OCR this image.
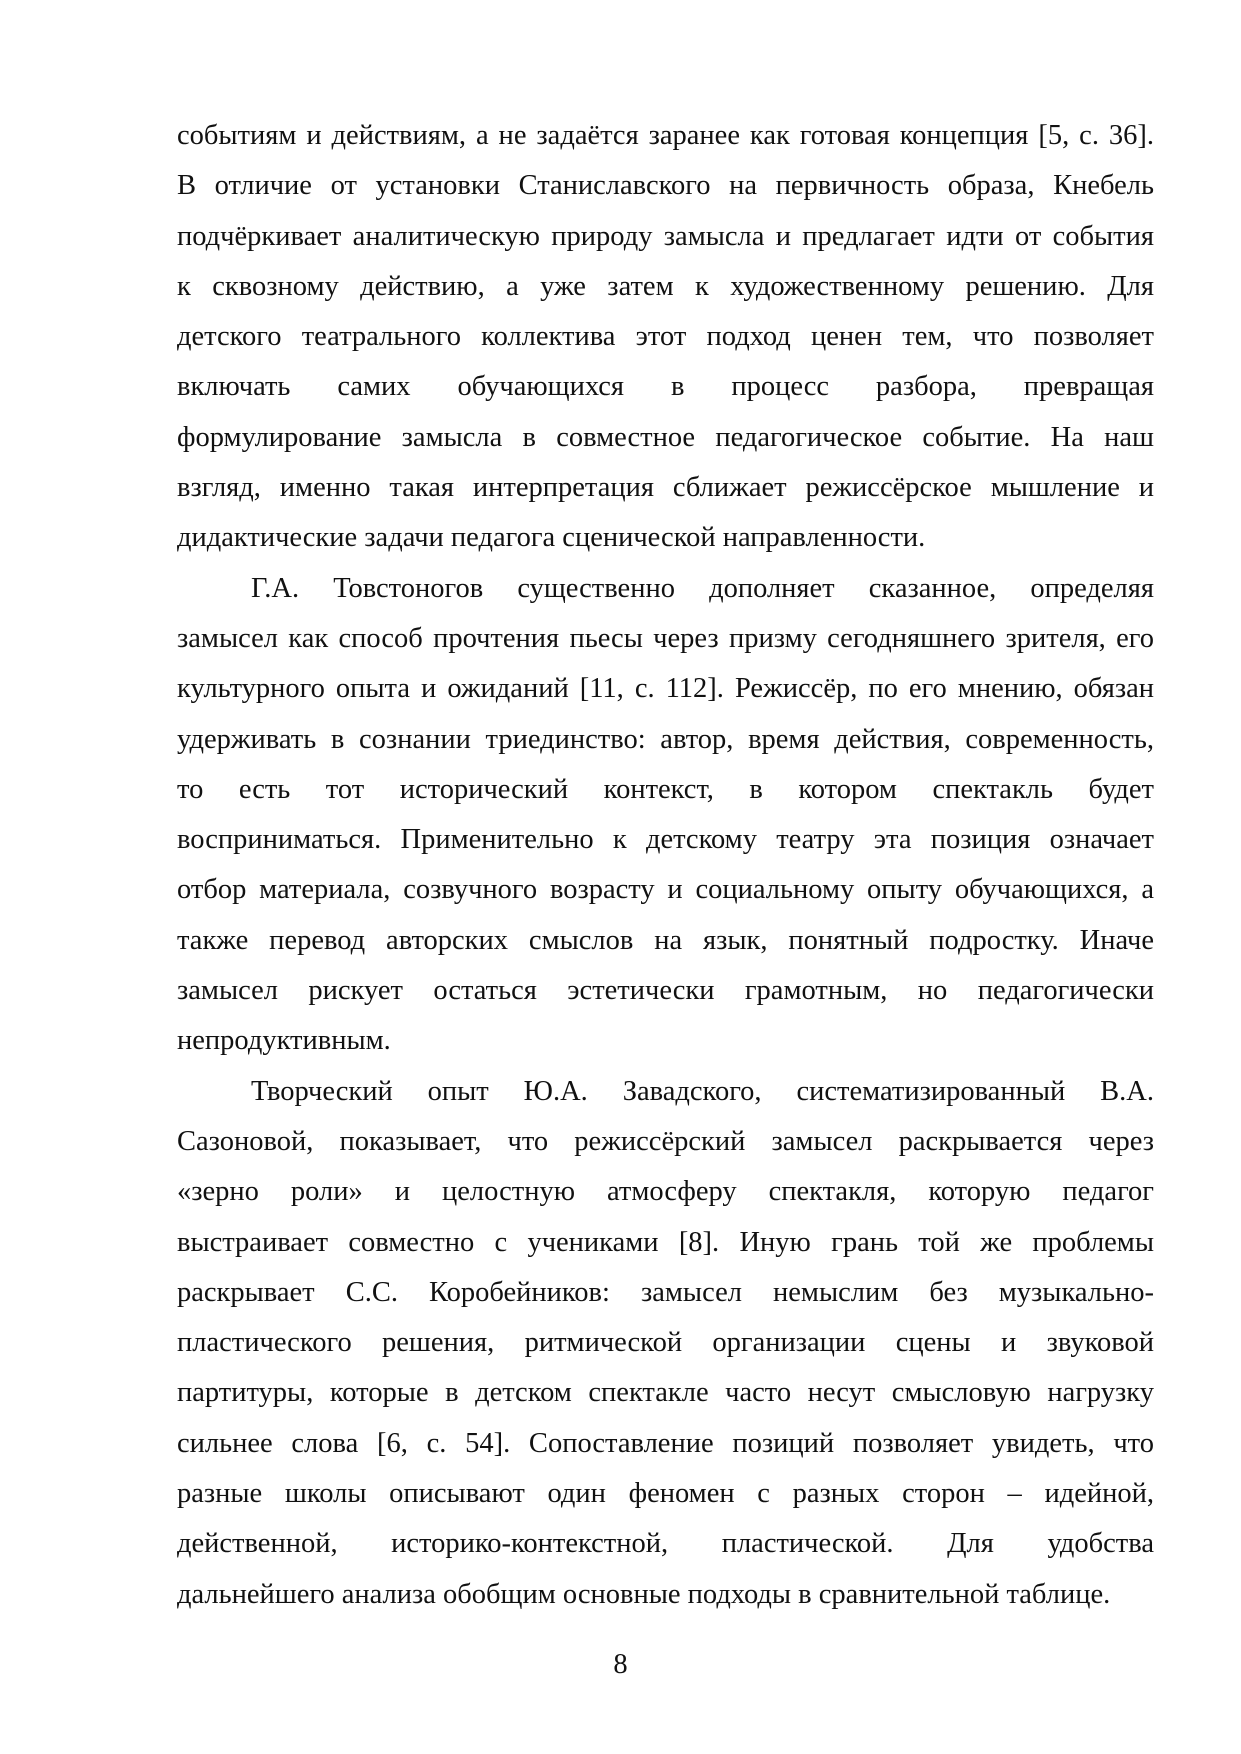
событиям и действиям, а не задаётся заранее как готовая концепция [5, с. 36].
В отличие от установки Станиславского на первичность образа, Кнебель
подчёркивает аналитическую природу замысла и предлагает идти от события
к сквозному действию, а уже затем к художественному решению. Для
детского театрального коллектива этот подход ценен тем, что позволяет
включать самих обучающихся в процесс разбора, превращая
формулирование замысла в совместное педагогическое событие. На наш
взгляд, именно такая интерпретация сближает режиссёрское мышление и
дидактические задачи педагога сценической направленности.
Г.А. Товстоногов существенно дополняет сказанное, определяя
замысел как способ прочтения пьесы через призму сегодняшнего зрителя, его
культурного опыта и ожиданий [11, с. 112]. Режиссёр, по его мнению, обязан
удерживать в сознании триединство: автор, время действия, современность,
то есть тот исторический контекст, в котором спектакль будет
восприниматься. Применительно к детскому театру эта позиция означает
отбор материала, созвучного возрасту и социальному опыту обучающихся, а
также перевод авторских смыслов на язык, понятный подростку. Иначе
замысел рискует остаться эстетически грамотным, но педагогически
непродуктивным.
Творческий опыт Ю.А. Завадского, систематизированный В.А.
Сазоновой, показывает, что режиссёрский замысел раскрывается через
«зерно роли» и целостную атмосферу спектакля, которую педагог
выстраивает совместно с учениками [8]. Иную грань той же проблемы
раскрывает С.С. Коробейников: замысел немыслим без музыкально-
пластического решения, ритмической организации сцены и звуковой
партитуры, которые в детском спектакле часто несут смысловую нагрузку
сильнее слова [6, с. 54]. Сопоставление позиций позволяет увидеть, что
разные школы описывают один феномен с разных сторон – идейной,
действенной, историко-контекстной, пластической. Для удобства
дальнейшего анализа обобщим основные подходы в сравнительной таблице.
8
